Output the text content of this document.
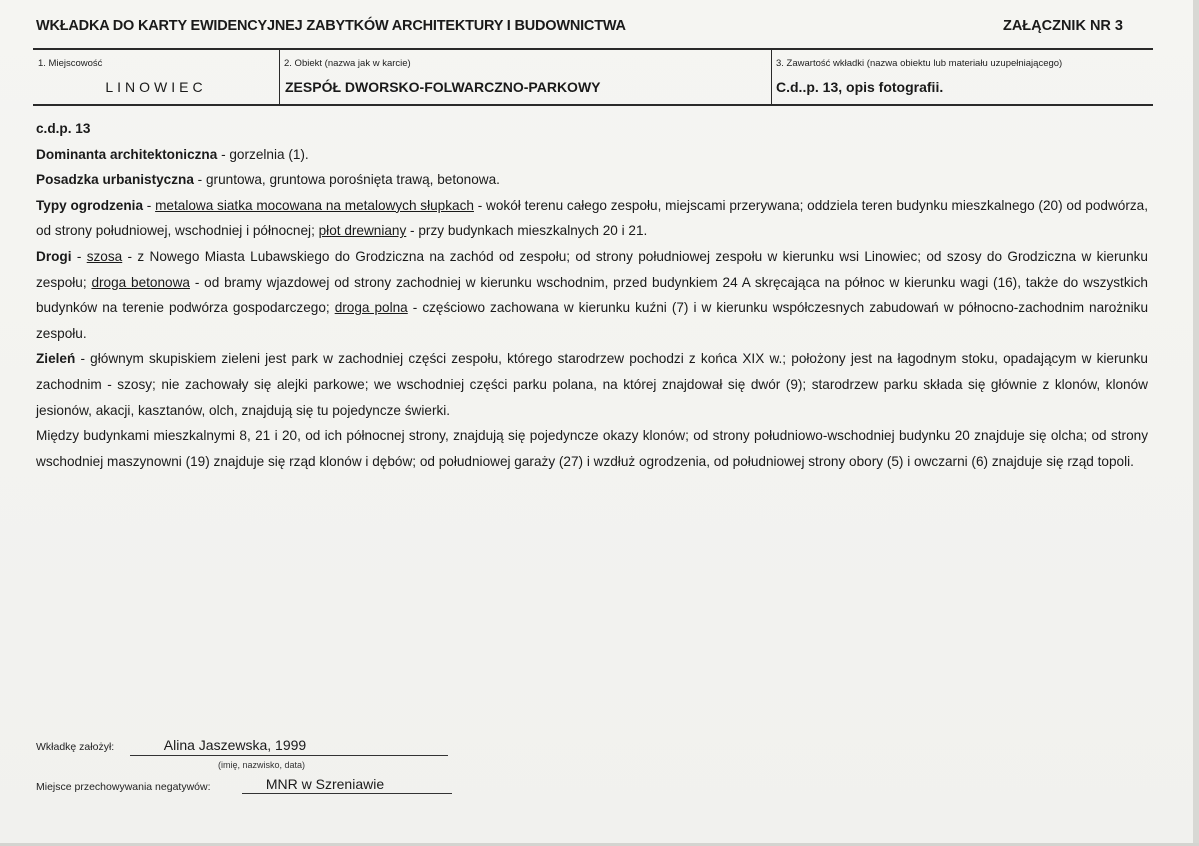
WKŁADKA DO KARTY EWIDENCYJNEJ ZABYTKÓW ARCHITEKTURY I BUDOWNICTWA	ZAŁĄCZNIK NR 3
1. Miejscowość
LINOWIEC
2. Obiekt (nazwa jak w karcie)
ZESPÓŁ DWORSKO-FOLWARCZNO-PARKOWY
3. Zawartość wkładki (nazwa obiektu lub materiału uzupełniającego)
C.d..p. 13, opis fotografii.

c.d.p. 13

Dominanta architektoniczna - gorzelnia (1).

Posadzka urbanistyczna - gruntowa, gruntowa porośnięta trawą, betonowa.

Typy ogrodzenia - metalowa siatka mocowana na metalowych słupkach - wokół terenu całego zespołu, miejscami przerywana; oddziela teren budynku mieszkalnego (20) od podwórza, od strony południowej, wschodniej i północnej; płot drewniany - przy budynkach mieszkalnych 20 i 21.

Drogi - szosa - z Nowego Miasta Lubawskiego do Grodziczna na zachód od zespołu; od strony południowej zespołu w kierunku wsi Linowiec; od szosy do Grodziczna w kierunku zespołu; droga betonowa - od bramy wjazdowej od strony zachodniej w kierunku wschodnim, przed budynkiem 24 A skręcająca na północ w kierunku wagi (16), także do wszystkich budynków na terenie podwórza gospodarczego; droga polna - częściowo zachowana w kierunku kuźni (7) i w kierunku współczesnych zabudowań w północno-zachodnim narożniku zespołu.

Zieleń - głównym skupiskiem zieleni jest park w zachodniej części zespołu, którego starodrzew pochodzi z końca XIX w.; położony jest na łagodnym stoku, opadającym w kierunku zachodnim - szosy; nie zachowały się alejki parkowe; we wschodniej części parku polana, na której znajdował się dwór (9); starodrzew parku składa się głównie z klonów, klonów jesionów, akacji, kasztanów, olch, znajdują się tu pojedyncze świerki.

Między budynkami mieszkalnymi 8, 21 i 20, od ich północnej strony, znajdują się pojedyncze okazy klonów; od strony południowo-wschodniej budynku 20 znajduje się olcha; od strony wschodniej maszynowni (19) znajduje się rząd klonów i dębów; od południowej garaży (27) i wzdłuż ogrodzenia, od południowej strony obory (5) i owczarni (6) znajduje się rząd topoli.

Wkładkę założył:	Alina Jaszewska, 1999
(imię, nazwisko, data)
Miejsce przechowywania negatywów:	MNR w Szreniawie
